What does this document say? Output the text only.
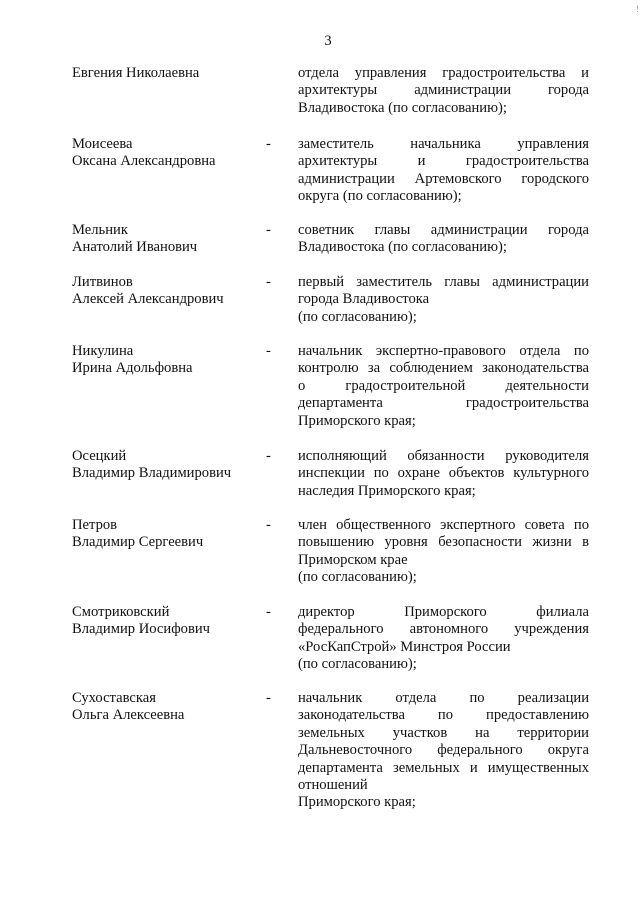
3
!
Евгения Николаевна	отдела управления градостроительства и
архитектуры администрации города
Владивостока (по согласованию);
Моисеева
Оксана Александровна
- заместитель начальника управления
архитектуры и градостроительства
администрации Артемовского городского
округа (по согласованию);
Мельник
Анатолий Иванович
- советник главы администрации города
Владивостока (по согласованию);
Литвинов
Алексей Александрович
- первый заместитель главы администрации
города Владивостока
(по согласованию);
Никулина
Ирина Адольфовна
- начальник экспертно-правового отдела по
контролю за соблюдением законодательства
о градостроительной деятельности
департамента градостроительства
Приморского края;
Осецкий
Владимир Владимирович
- исполняющий обязанности руководителя
инспекции по охране объектов культурного
наследия Приморского края;
Петров
Владимир Сергеевич
- член общественного экспертного совета по
повышению уровня безопасности жизни в
Приморском крае
(по согласованию);
Смотриковский
Владимир Иосифович
- директор Приморского филиала
федерального автономного учреждения
«РосКапСтрой» Минстроя России
(по согласованию);
Сухоставская
Ольга Алексеевна
- начальник отдела по реализации
законодательства по предоставлению
земельных участков на территории
Дальневосточного федерального округа
департамента земельных и имущественных
отношений
Приморского края;
